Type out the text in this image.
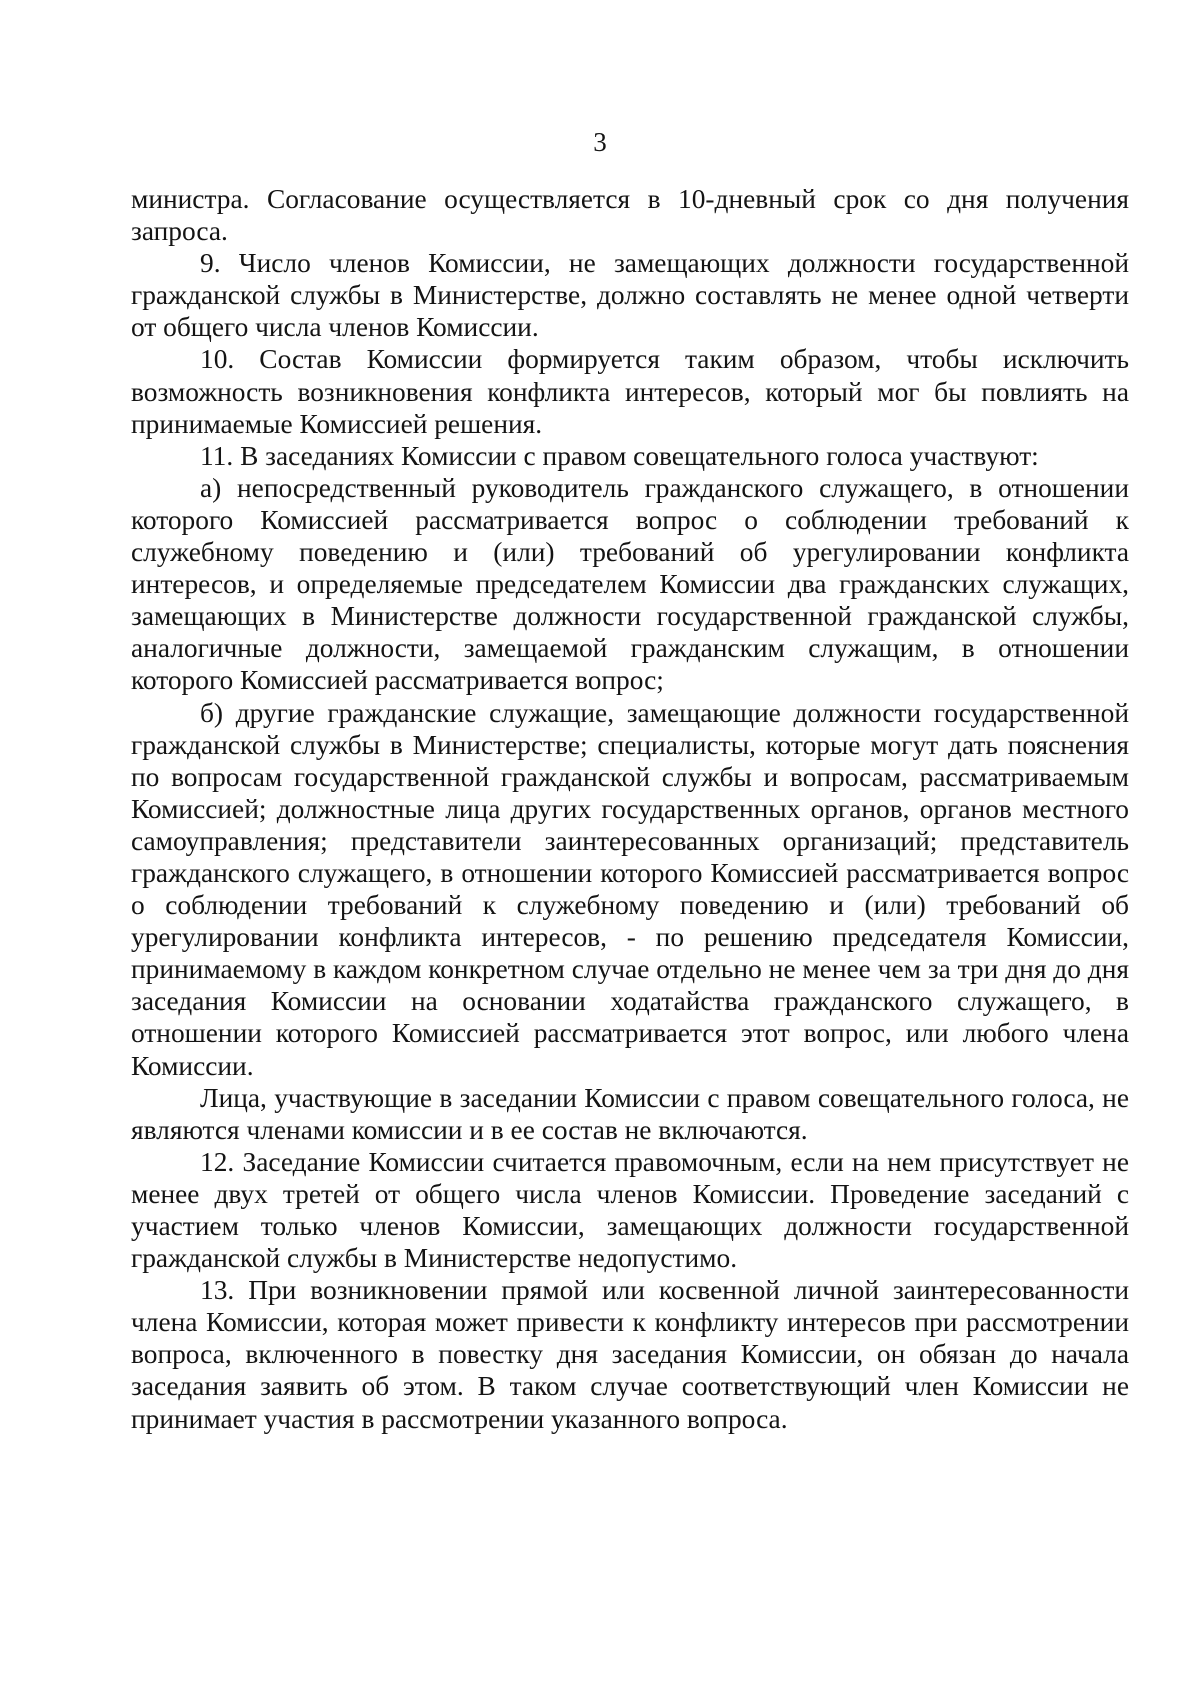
3

министра. Согласование осуществляется в 10-дневный срок со дня получения запроса.

9. Число членов Комиссии, не замещающих должности государственной гражданской службы в Министерстве, должно составлять не менее одной четверти от общего числа членов Комиссии.

10. Состав Комиссии формируется таким образом, чтобы исключить возможность возникновения конфликта интересов, который мог бы повлиять на принимаемые Комиссией решения.

11. В заседаниях Комиссии с правом совещательного голоса участвуют:

а) непосредственный руководитель гражданского служащего, в отношении которого Комиссией рассматривается вопрос о соблюдении требований к служебному поведению и (или) требований об урегулировании конфликта интересов, и определяемые председателем Комиссии два гражданских служащих, замещающих в Министерстве должности государственной гражданской службы, аналогичные должности, замещаемой гражданским служащим, в отношении которого Комиссией рассматривается вопрос;

б) другие гражданские служащие, замещающие должности государственной гражданской службы в Министерстве; специалисты, которые могут дать пояснения по вопросам государственной гражданской службы и вопросам, рассматриваемым Комиссией; должностные лица других государственных органов, органов местного самоуправления; представители заинтересованных организаций; представитель гражданского служащего, в отношении которого Комиссией рассматривается вопрос о соблюдении требований к служебному поведению и (или) требований об урегулировании конфликта интересов, - по решению председателя Комиссии, принимаемому в каждом конкретном случае отдельно не менее чем за три дня до дня заседания Комиссии на основании ходатайства гражданского служащего, в отношении которого Комиссией рассматривается этот вопрос, или любого члена Комиссии.

Лица, участвующие в заседании Комиссии с правом совещательного голоса, не являются членами комиссии и в ее состав не включаются.

12. Заседание Комиссии считается правомочным, если на нем присутствует не менее двух третей от общего числа членов Комиссии. Проведение заседаний с участием только членов Комиссии, замещающих должности государственной гражданской службы в Министерстве недопустимо.

13. При возникновении прямой или косвенной личной заинтересованности члена Комиссии, которая может привести к конфликту интересов при рассмотрении вопроса, включенного в повестку дня заседания Комиссии, он обязан до начала заседания заявить об этом. В таком случае соответствующий член Комиссии не принимает участия в рассмотрении указанного вопроса.
